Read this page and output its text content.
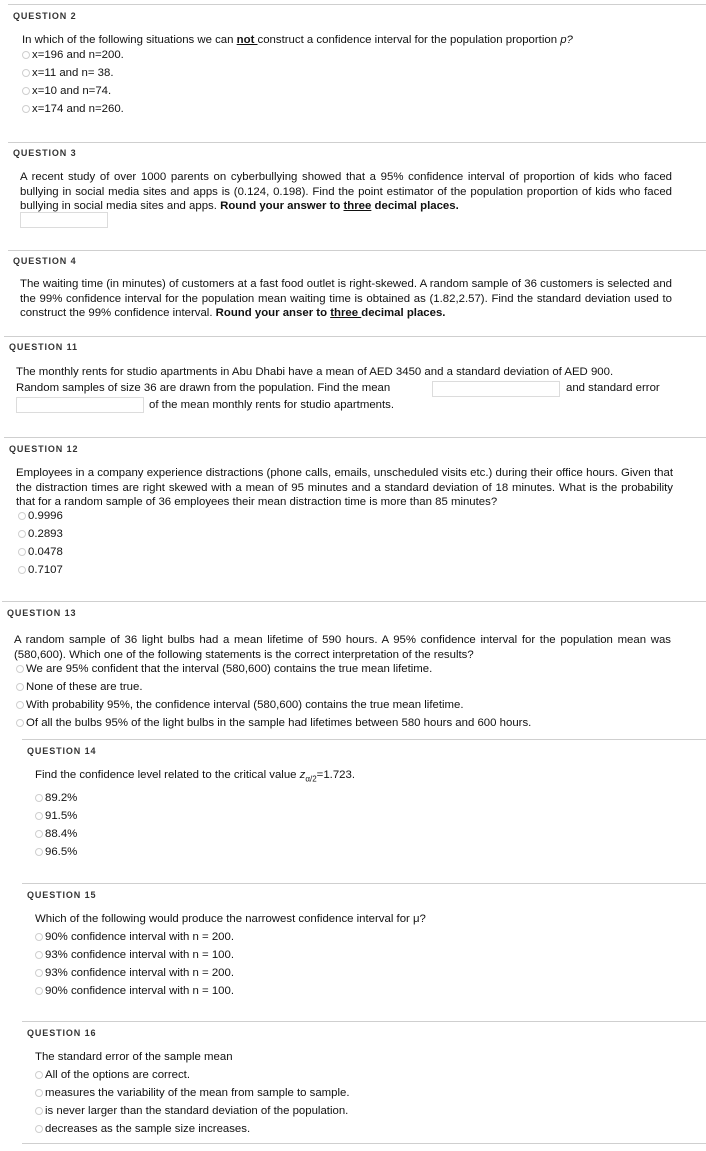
QUESTION 2
In which of the following situations we can not construct a confidence interval for the population proportion p?
x=196 and n=200.
x=11 and n= 38.
x=10 and n=74.
x=174 and n=260.
QUESTION 3
A recent study of over 1000 parents on cyberbullying showed that a 95% confidence interval of proportion of kids who faced bullying in social media sites and apps is (0.124, 0.198). Find the point estimator of the population proportion of kids who faced bullying in social media sites and apps. Round your answer to three decimal places.
QUESTION 4
The waiting time (in minutes) of customers at a fast food outlet is right-skewed. A random sample of 36 customers is selected and the 99% confidence interval for the population mean waiting time is obtained as (1.82,2.57). Find the standard deviation used to construct the 99% confidence interval. Round your anser to three decimal places.
QUESTION 11
The monthly rents for studio apartments in Abu Dhabi have a mean of AED 3450 and a standard deviation of AED 900.
Random samples of size 36 are drawn from the population. Find the mean	and standard error
of the mean monthly rents for studio apartments.
QUESTION 12
Employees in a company experience distractions (phone calls, emails, unscheduled visits etc.) during their office hours. Given that the distraction times are right skewed with a mean of 95 minutes and a standard deviation of 18 minutes. What is the probability that for a random sample of 36 employees their mean distraction time is more than 85 minutes?
0.9996
0.2893
0.0478
0.7107
QUESTION 13
A random sample of 36 light bulbs had a mean lifetime of 590 hours. A 95% confidence interval for the population mean was (580,600). Which one of the following statements is the correct interpretation of the results?
We are 95% confident that the interval (580,600) contains the true mean lifetime.
None of these are true.
With probability 95%, the confidence interval (580,600) contains the true mean lifetime.
Of all the bulbs 95% of the light bulbs in the sample had lifetimes between 580 hours and 600 hours.
QUESTION 14
Find the confidence level related to the critical value $z_{\alpha/2}=1.723$.
89.2%
91.5%
88.4%
96.5%
QUESTION 15
Which of the following would produce the narrowest confidence interval for μ?
90% confidence interval with n = 200.
93% confidence interval with n = 100.
93% confidence interval with n = 200.
90% confidence interval with n = 100.
QUESTION 16
The standard error of the sample mean
All of the options are correct.
measures the variability of the mean from sample to sample.
is never larger than the standard deviation of the population.
decreases as the sample size increases.
